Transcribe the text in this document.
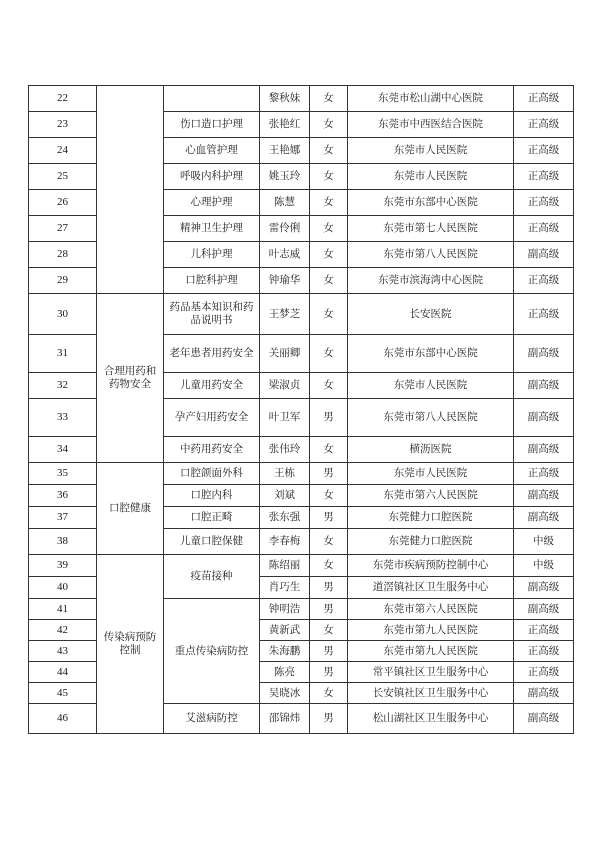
22			黎秋妹	女	东莞市松山湖中心医院	正高级
23		伤口造口护理	张艳红	女	东莞市中西医结合医院	正高级
24		心血管护理	王艳娜	女	东莞市人民医院	正高级
25		呼吸内科护理	姚玉玲	女	东莞市人民医院	正高级
26		心理护理	陈慧	女	东莞市东部中心医院	正高级
27		精神卫生护理	雷伶俐	女	东莞市第七人民医院	正高级
28		儿科护理	叶志威	女	东莞市第八人民医院	副高级
29		口腔科护理	钟瑜华	女	东莞市滨海湾中心医院	正高级
30	合理用药和药物安全	药品基本知识和药品说明书	王梦芝	女	长安医院	正高级
31		老年患者用药安全	关丽卿	女	东莞市东部中心医院	副高级
32		儿童用药安全	梁淑贞	女	东莞市人民医院	副高级
33		孕产妇用药安全	叶卫军	男	东莞市第八人民医院	副高级
34		中药用药安全	张伟玲	女	横沥医院	副高级
35	口腔健康	口腔颌面外科	王栋	男	东莞市人民医院	正高级
36		口腔内科	刘斌	女	东莞市第六人民医院	副高级
37		口腔正畸	张东强	男	东莞健力口腔医院	副高级
38		儿童口腔保健	李春梅	女	东莞健力口腔医院	中级
39	传染病预防控制	疫苗接种	陈绍丽	女	东莞市疾病预防控制中心	中级
40			肖巧生	男	道滘镇社区卫生服务中心	副高级
41		重点传染病防控	钟明浩	男	东莞市第六人民医院	副高级
42			黄新武	女	东莞市第九人民医院	正高级
43			朱海鹏	男	东莞市第九人民医院	正高级
44			陈亮	男	常平镇社区卫生服务中心	正高级
45			吴晓冰	女	长安镇社区卫生服务中心	副高级
46		艾滋病防控	邵锦炜	男	松山湖社区卫生服务中心	副高级
